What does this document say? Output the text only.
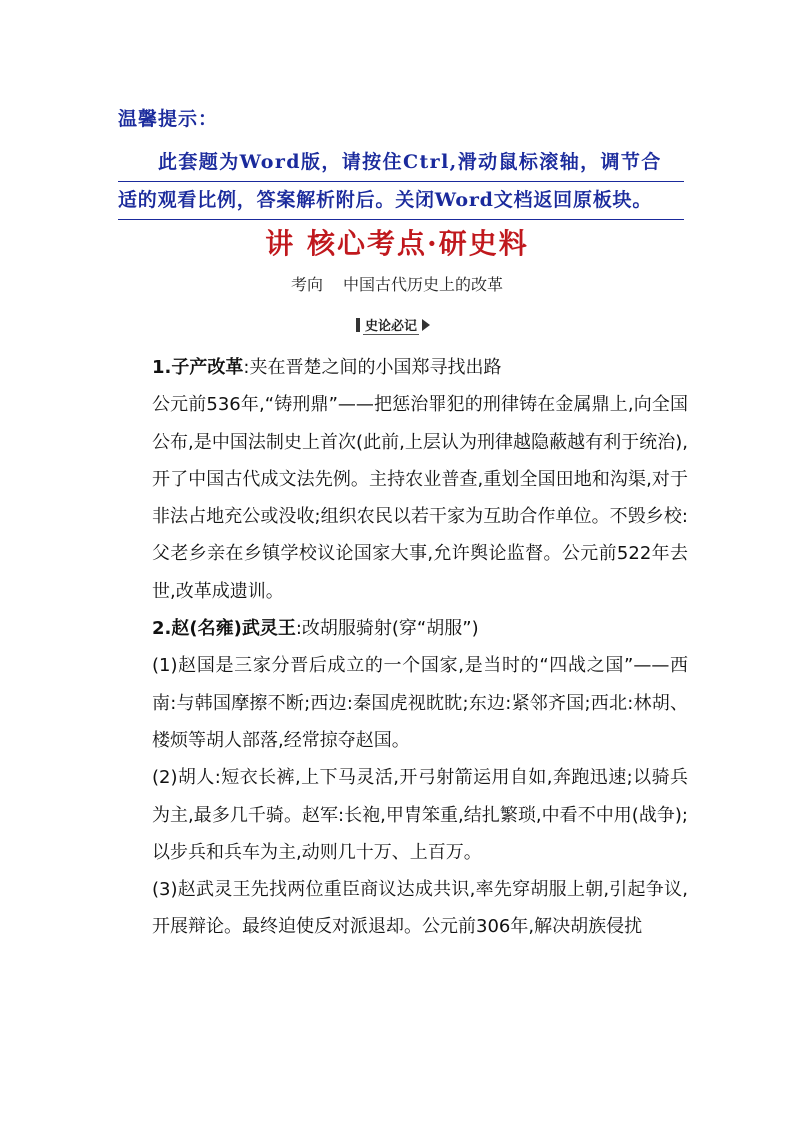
温馨提示：
此套题为Word版，请按住Ctrl,滑动鼠标滚轴，调节合
适的观看比例，答案解析附后。关闭Word文档返回原板块。
讲 核心考点·研史料
考向 中国古代历史上的改革
史论必记
1.子产改革:夹在晋楚之间的小国郑寻找出路
公元前536年,“铸刑鼎”——把惩治罪犯的刑律铸在金属鼎上,向全国公布,是中国法制史上首次(此前,上层认为刑律越隐蔽越有利于统治),开了中国古代成文法先例。主持农业普查,重划全国田地和沟渠,对于非法占地充公或没收;组织农民以若干家为互助合作单位。不毁乡校:父老乡亲在乡镇学校议论国家大事,允许舆论监督。公元前522年去世,改革成遗训。
2.赵(名雍)武灵王:改胡服骑射(穿“胡服”)
(1)赵国是三家分晋后成立的一个国家,是当时的“四战之国”——西南:与韩国摩擦不断;西边:秦国虎视眈眈;东边:紧邻齐国;西北:林胡、楼烦等胡人部落,经常掠夺赵国。
(2)胡人:短衣长裤,上下马灵活,开弓射箭运用自如,奔跑迅速;以骑兵为主,最多几千骑。赵军:长袍,甲胄笨重,结扎繁琐,中看不中用(战争);以步兵和兵车为主,动则几十万、上百万。
(3)赵武灵王先找两位重臣商议达成共识,率先穿胡服上朝,引起争议,开展辩论。最终迫使反对派退却。公元前306年,解决胡族侵扰
